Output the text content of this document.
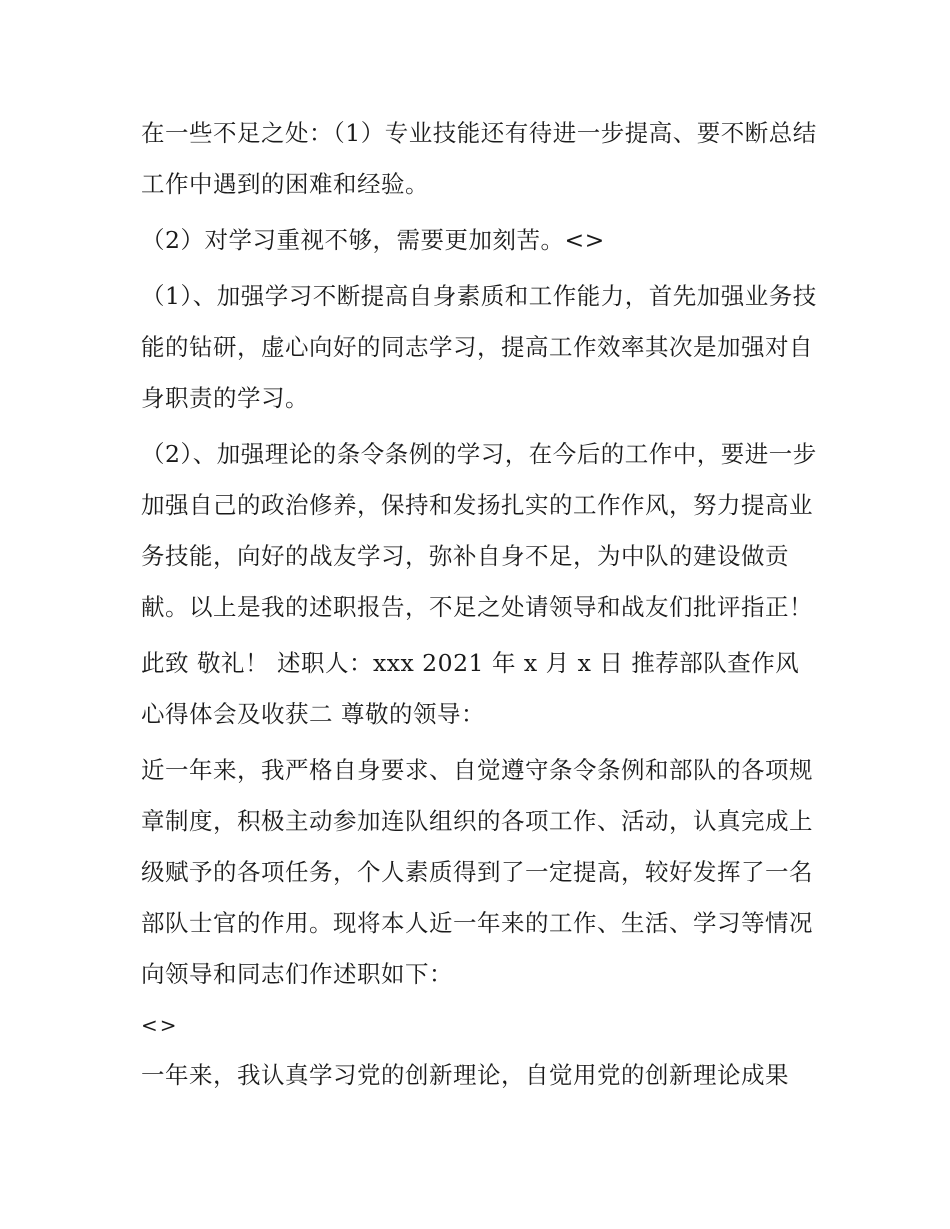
在一些不足之处：（1）专业技能还有待进一步提高、要不断总结工作中遇到的困难和经验。

（2）对学习重视不够，需要更加刻苦。<>

（1）、加强学习不断提高自身素质和工作能力，首先加强业务技能的钻研，虚心向好的同志学习，提高工作效率其次是加强对自身职责的学习。

（2）、加强理论的条令条例的学习，在今后的工作中，要进一步加强自己的政治修养，保持和发扬扎实的工作作风，努力提高业务技能，向好的战友学习，弥补自身不足，为中队的建设做贡献。以上是我的述职报告，不足之处请领导和战友们批评指正！

此致 敬礼！ 述职人：xxx 2021 年 x 月 x 日 推荐部队查作风心得体会及收获二 尊敬的领导：

近一年来，我严格自身要求、自觉遵守条令条例和部队的各项规章制度，积极主动参加连队组织的各项工作、活动，认真完成上级赋予的各项任务，个人素质得到了一定提高，较好发挥了一名部队士官的作用。现将本人近一年来的工作、生活、学习等情况向领导和同志们作述职如下：

<>

一年来，我认真学习党的创新理论，自觉用党的创新理论成果
